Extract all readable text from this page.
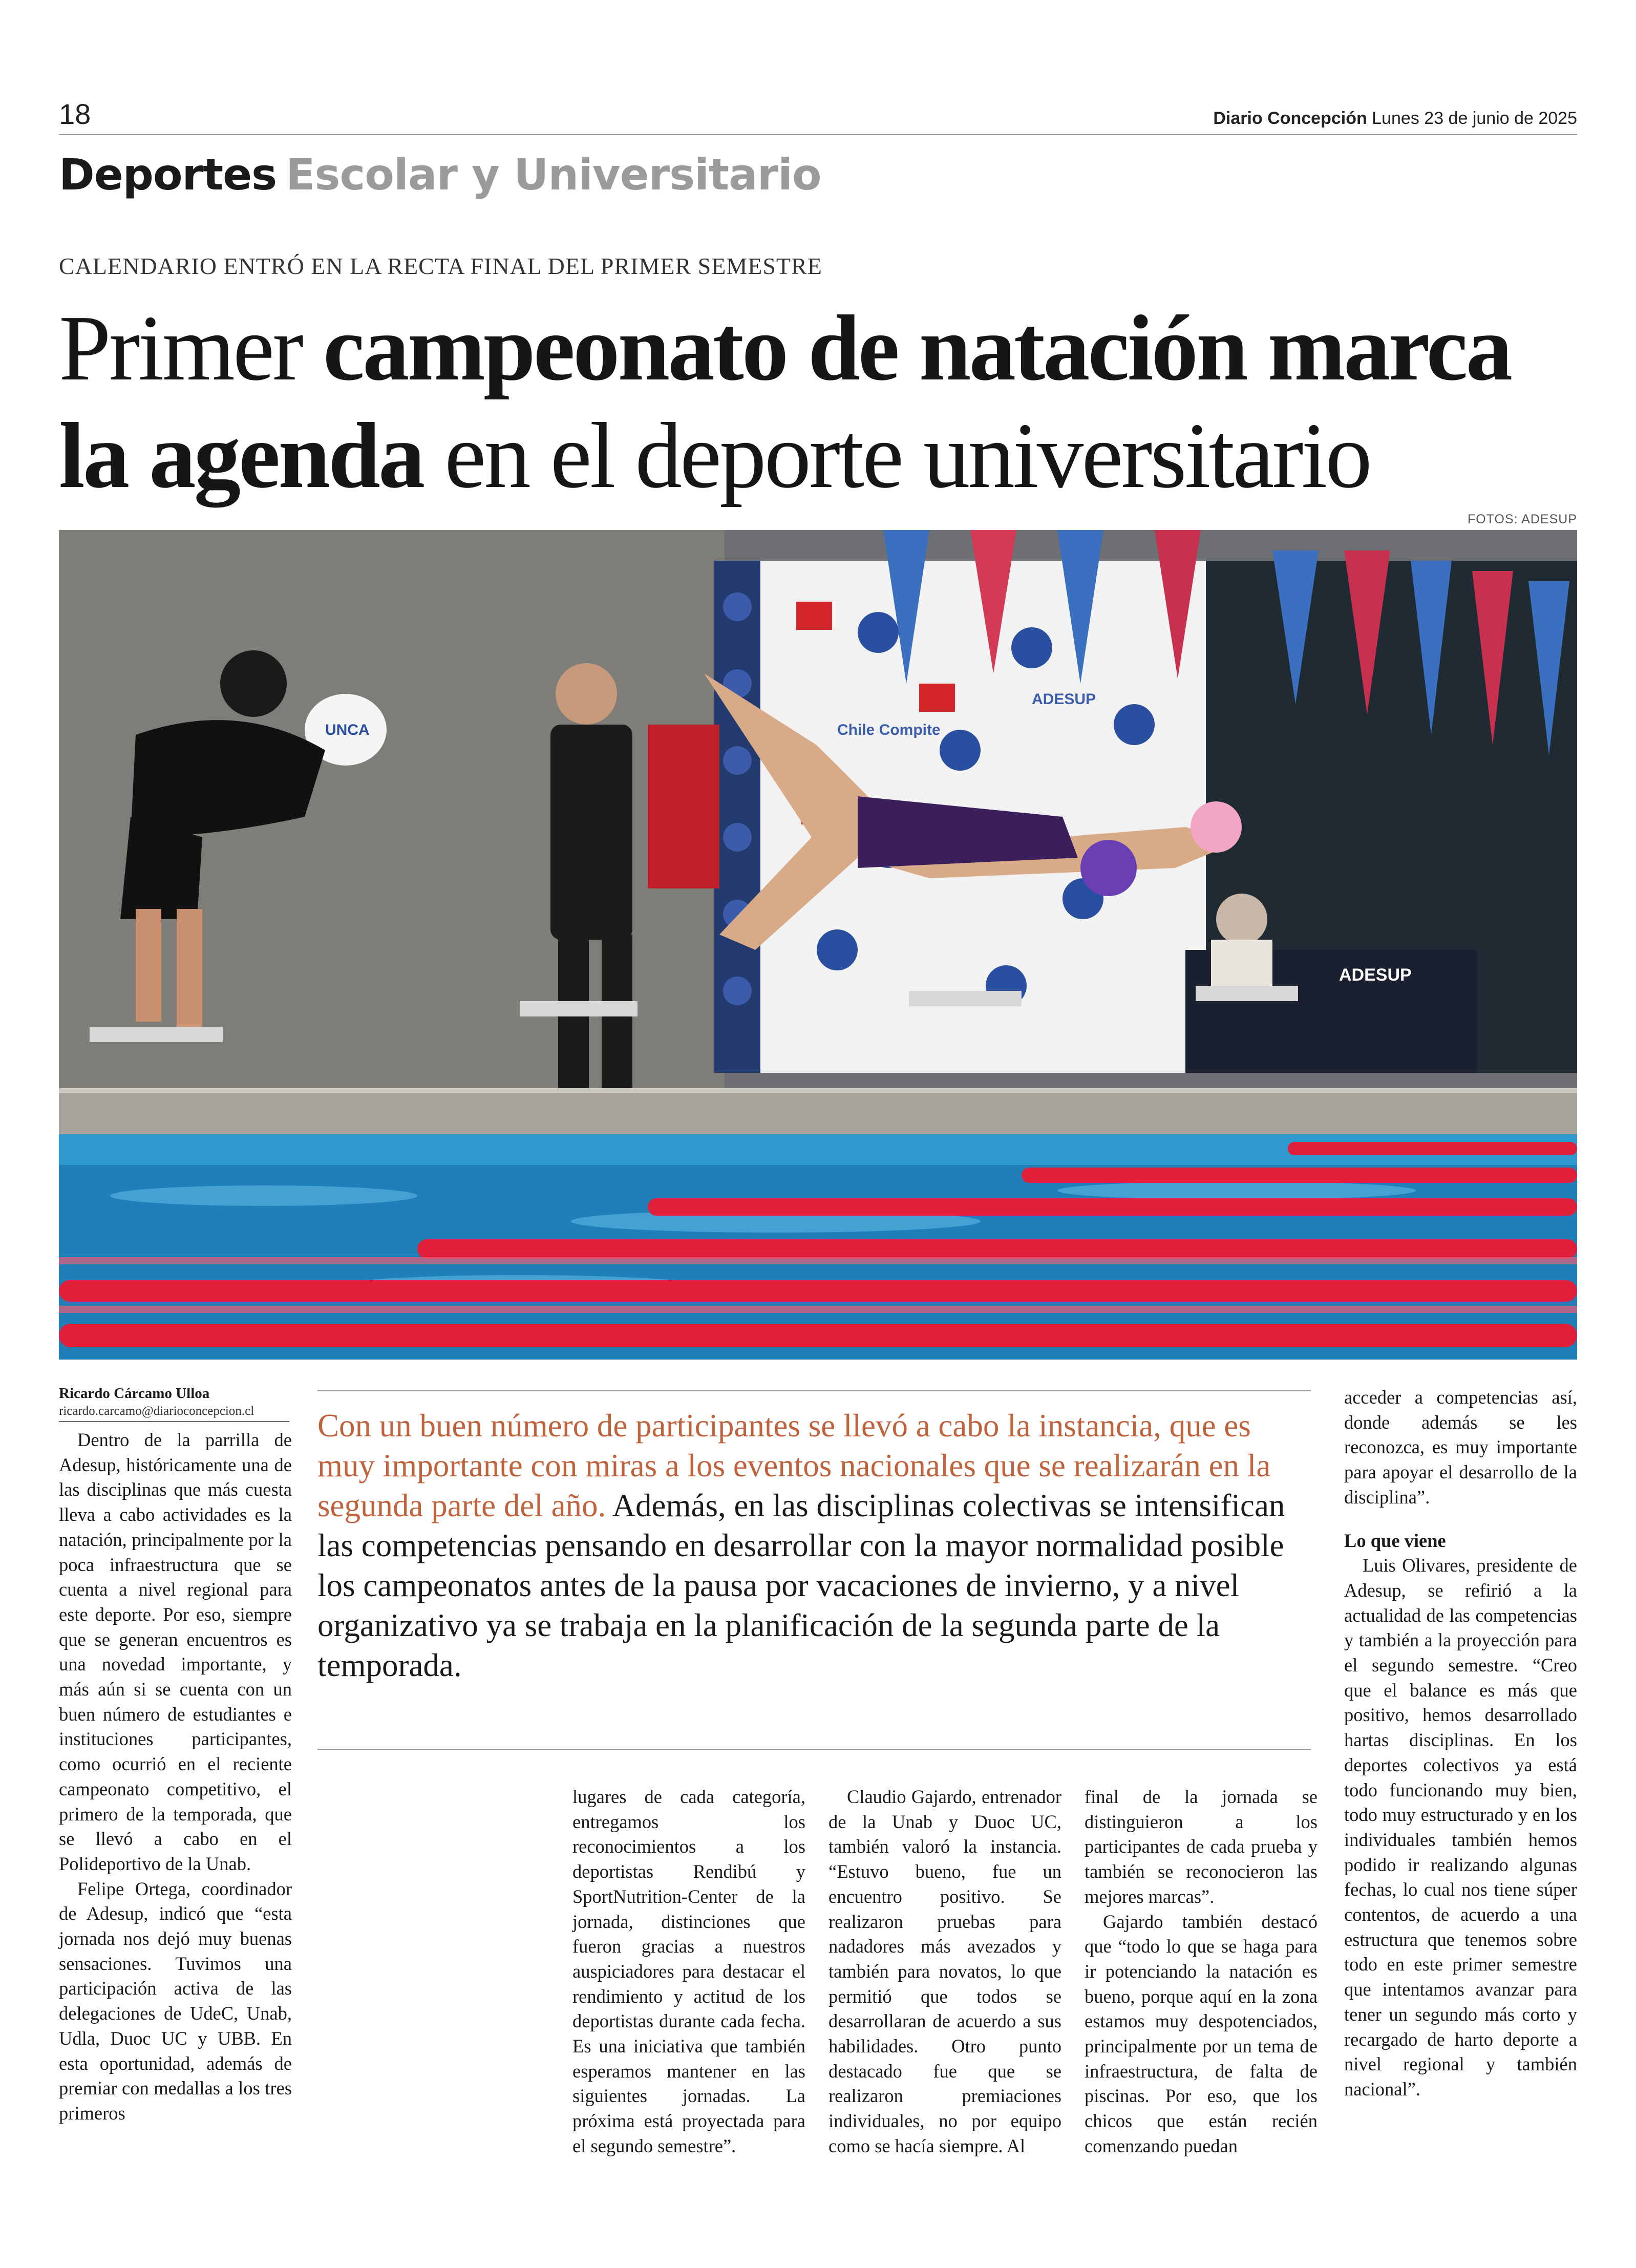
18	Diario Concepción Lunes 23 de junio de 2025
Deportes Escolar y Universitario
CALENDARIO ENTRÓ EN LA RECTA FINAL DEL PRIMER SEMESTRE
Primer campeonato de natación marca
la agenda en el deporte universitario
FOTOS: ADESUP
Chile Compite
ADESUP
ADESUP
UNCA
Ricardo Cárcamo Ulloa
ricardo.carcamo@diarioconcepcion.cl Con un buen número de participantes se llevó a cabo la instancia, que es muy importante con miras a los eventos nacionales que se realizarán en la segunda parte del año. Además, en las disciplinas colectivas se intensifican las competencias pensando en desarrollar con la mayor normalidad posible los campeonatos antes de la pausa por vacaciones de invierno, y a nivel organizativo ya se trabaja en la planificación de la segunda parte de la temporada.

Dentro de la parrilla de Adesup, históricamente una de las disciplinas que más cuesta lleva a cabo actividades es la natación, principalmente por la poca infraestructura que se cuenta a nivel regional para este deporte. Por eso, siempre que se generan encuentros es una novedad importante, y más aún si se cuenta con un buen número de estudiantes e instituciones participantes, como ocurrió en el reciente campeonato competitivo, el primero de la temporada, que se llevó a cabo en el Polideportivo de la Unab.

Felipe Ortega, coordinador de Adesup, indicó que “esta jornada nos dejó muy buenas sensaciones. Tuvimos una participación activa de las delegaciones de UdeC, Unab, Udla, Duoc UC y UBB. En esta oportunidad, además de premiar con medallas a los tres primeros

lugares de cada categoría, entregamos los reconocimientos a los deportistas Rendibú y SportNutrition-Center de la jornada, distinciones que fueron gracias a nuestros auspiciadores para destacar el rendimiento y actitud de los deportistas durante cada fecha. Es una iniciativa que también esperamos mantener en las siguientes jornadas. La próxima está proyectada para el segundo semestre”.

Claudio Gajardo, entrenador de la Unab y Duoc UC, también valoró la instancia. “Estuvo bueno, fue un encuentro positivo. Se realizaron pruebas para nadadores más avezados y también para novatos, lo que permitió que todos se desarrollaran de acuerdo a sus habilidades. Otro punto destacado fue que se realizaron premiaciones individuales, no por equipo como se hacía siempre. Al

final de la jornada se distinguieron a los participantes de cada prueba y también se reconocieron las mejores marcas”.

Gajardo también destacó que “todo lo que se haga para ir potenciando la natación es bueno, porque aquí en la zona estamos muy despotenciados, principalmente por un tema de infraestructura, de falta de piscinas. Por eso, que los chicos que están recién comenzando puedan

acceder a competencias así, donde además se les reconozca, es muy importante para apoyar el desarrollo de la disciplina”.

Lo que viene

Luis Olivares, presidente de Adesup, se refirió a la actualidad de las competencias y también a la proyección para el segundo semestre. “Creo que el balance es más que positivo, hemos desarrollado hartas disciplinas. En los deportes colectivos ya está todo funcionando muy bien, todo muy estructurado y en los individuales también hemos podido ir realizando algunas fechas, lo cual nos tiene súper contentos, de acuerdo a una estructura que tenemos sobre todo en este primer semestre que intentamos avanzar para tener un segundo más corto y recargado de harto deporte a nivel regional y también nacional”.
